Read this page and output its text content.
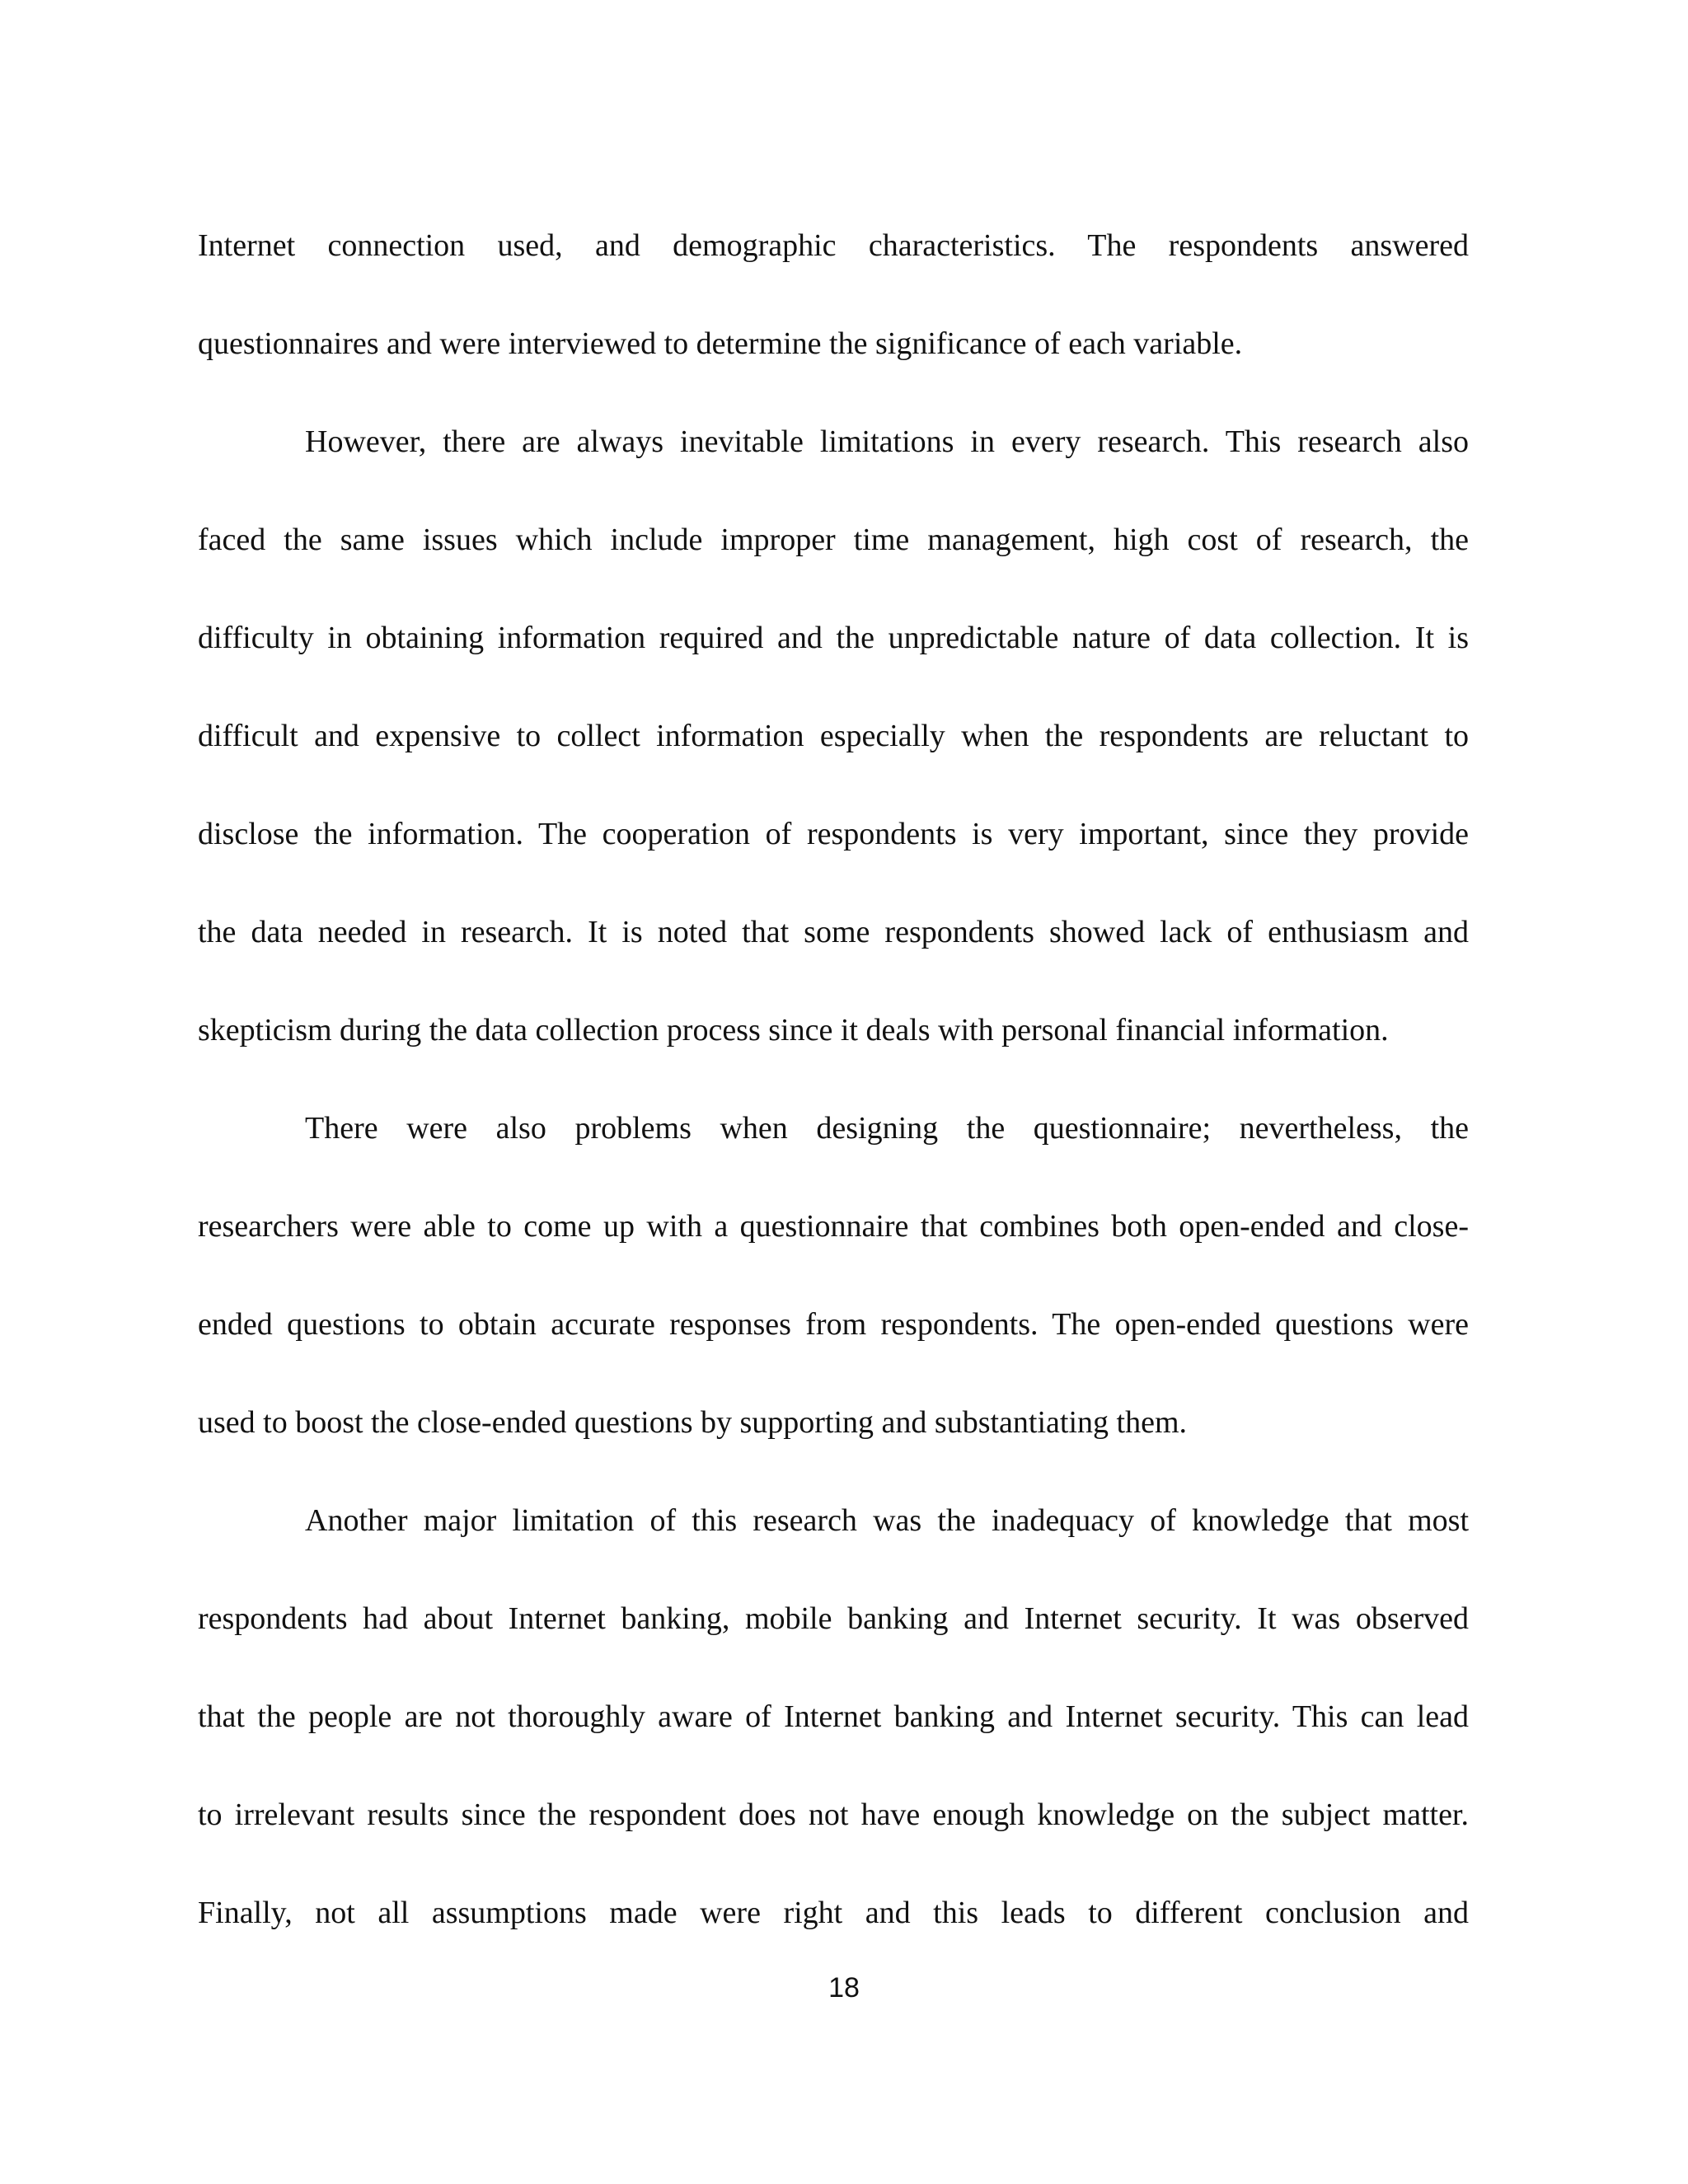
Internet connection used, and demographic characteristics. The respondents answered
questionnaires and were interviewed to determine the significance of each variable.
However, there are always inevitable limitations in every research. This research also
faced the same issues which include improper time management, high cost of research, the
difficulty in obtaining information required and the unpredictable nature of data collection. It is
difficult and expensive to collect information especially when the respondents are reluctant to
disclose the information. The cooperation of respondents is very important, since they provide
the data needed in research. It is noted that some respondents showed lack of enthusiasm and
skepticism during the data collection process since it deals with personal financial information.
There were also problems when designing the questionnaire; nevertheless, the
researchers were able to come up with a questionnaire that combines both open-ended and close-
ended questions to obtain accurate responses from respondents. The open-ended questions were
used to boost the close-ended questions by supporting and substantiating them.
Another major limitation of this research was the inadequacy of knowledge that most
respondents had about Internet banking, mobile banking and Internet security. It was observed
that the people are not thoroughly aware of Internet banking and Internet security. This can lead
to irrelevant results since the respondent does not have enough knowledge on the subject matter.
Finally, not all assumptions made were right and this leads to different conclusion and
18
